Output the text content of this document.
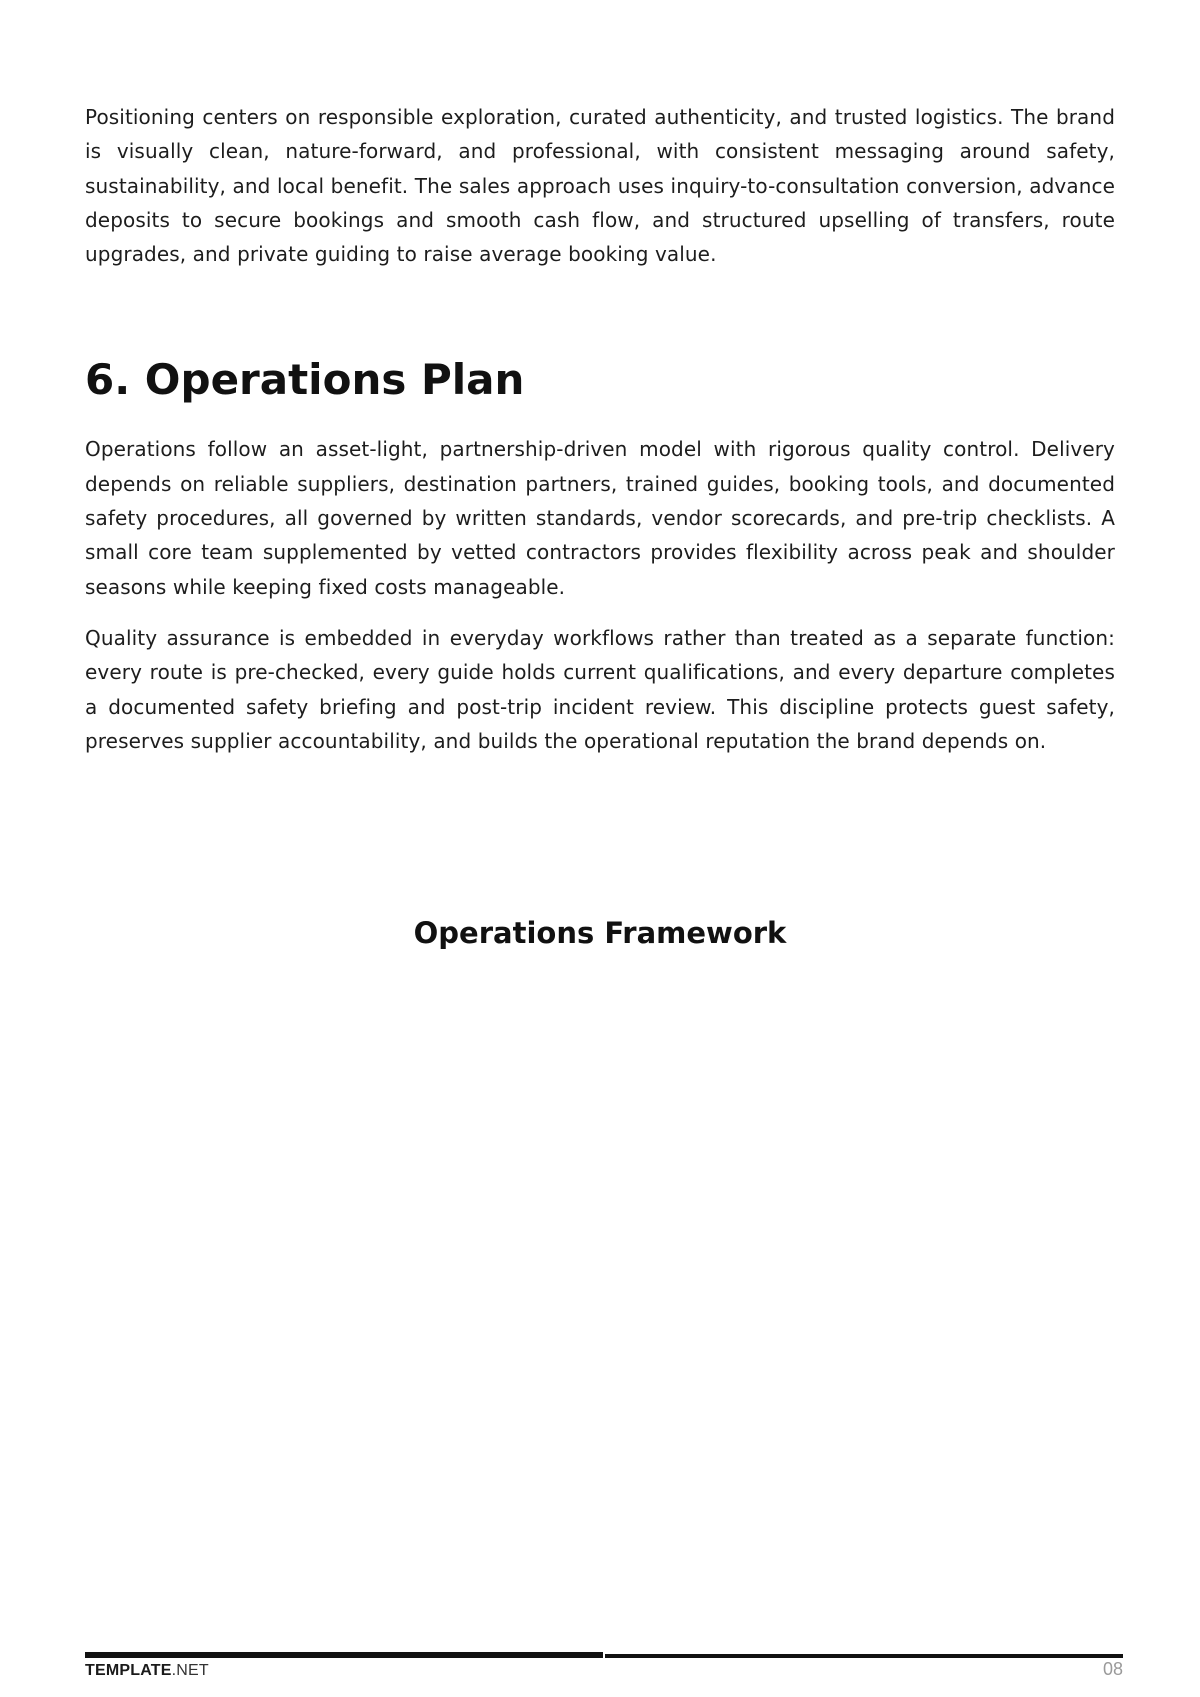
Positioning centers on responsible exploration, curated authenticity, and trusted logistics. The brand is visually clean, nature-forward, and professional, with consistent messaging around safety, sustainability, and local benefit. The sales approach uses inquiry-to-consultation conversion, advance deposits to secure bookings and smooth cash flow, and structured upselling of transfers, route upgrades, and private guiding to raise average booking value.

6. Operations Plan

Operations follow an asset-light, partnership-driven model with rigorous quality control. Delivery depends on reliable suppliers, destination partners, trained guides, booking tools, and documented safety procedures, all governed by written standards, vendor scorecards, and pre-trip checklists. A small core team supplemented by vetted contractors provides flexibility across peak and shoulder seasons while keeping fixed costs manageable.

Quality assurance is embedded in everyday workflows rather than treated as a separate function: every route is pre-checked, every guide holds current qualifications, and every departure completes a documented safety briefing and post-trip incident review. This discipline protects guest safety, preserves supplier accountability, and builds the operational reputation the brand depends on.

Operations Framework
TEMPLATE.NET	08
